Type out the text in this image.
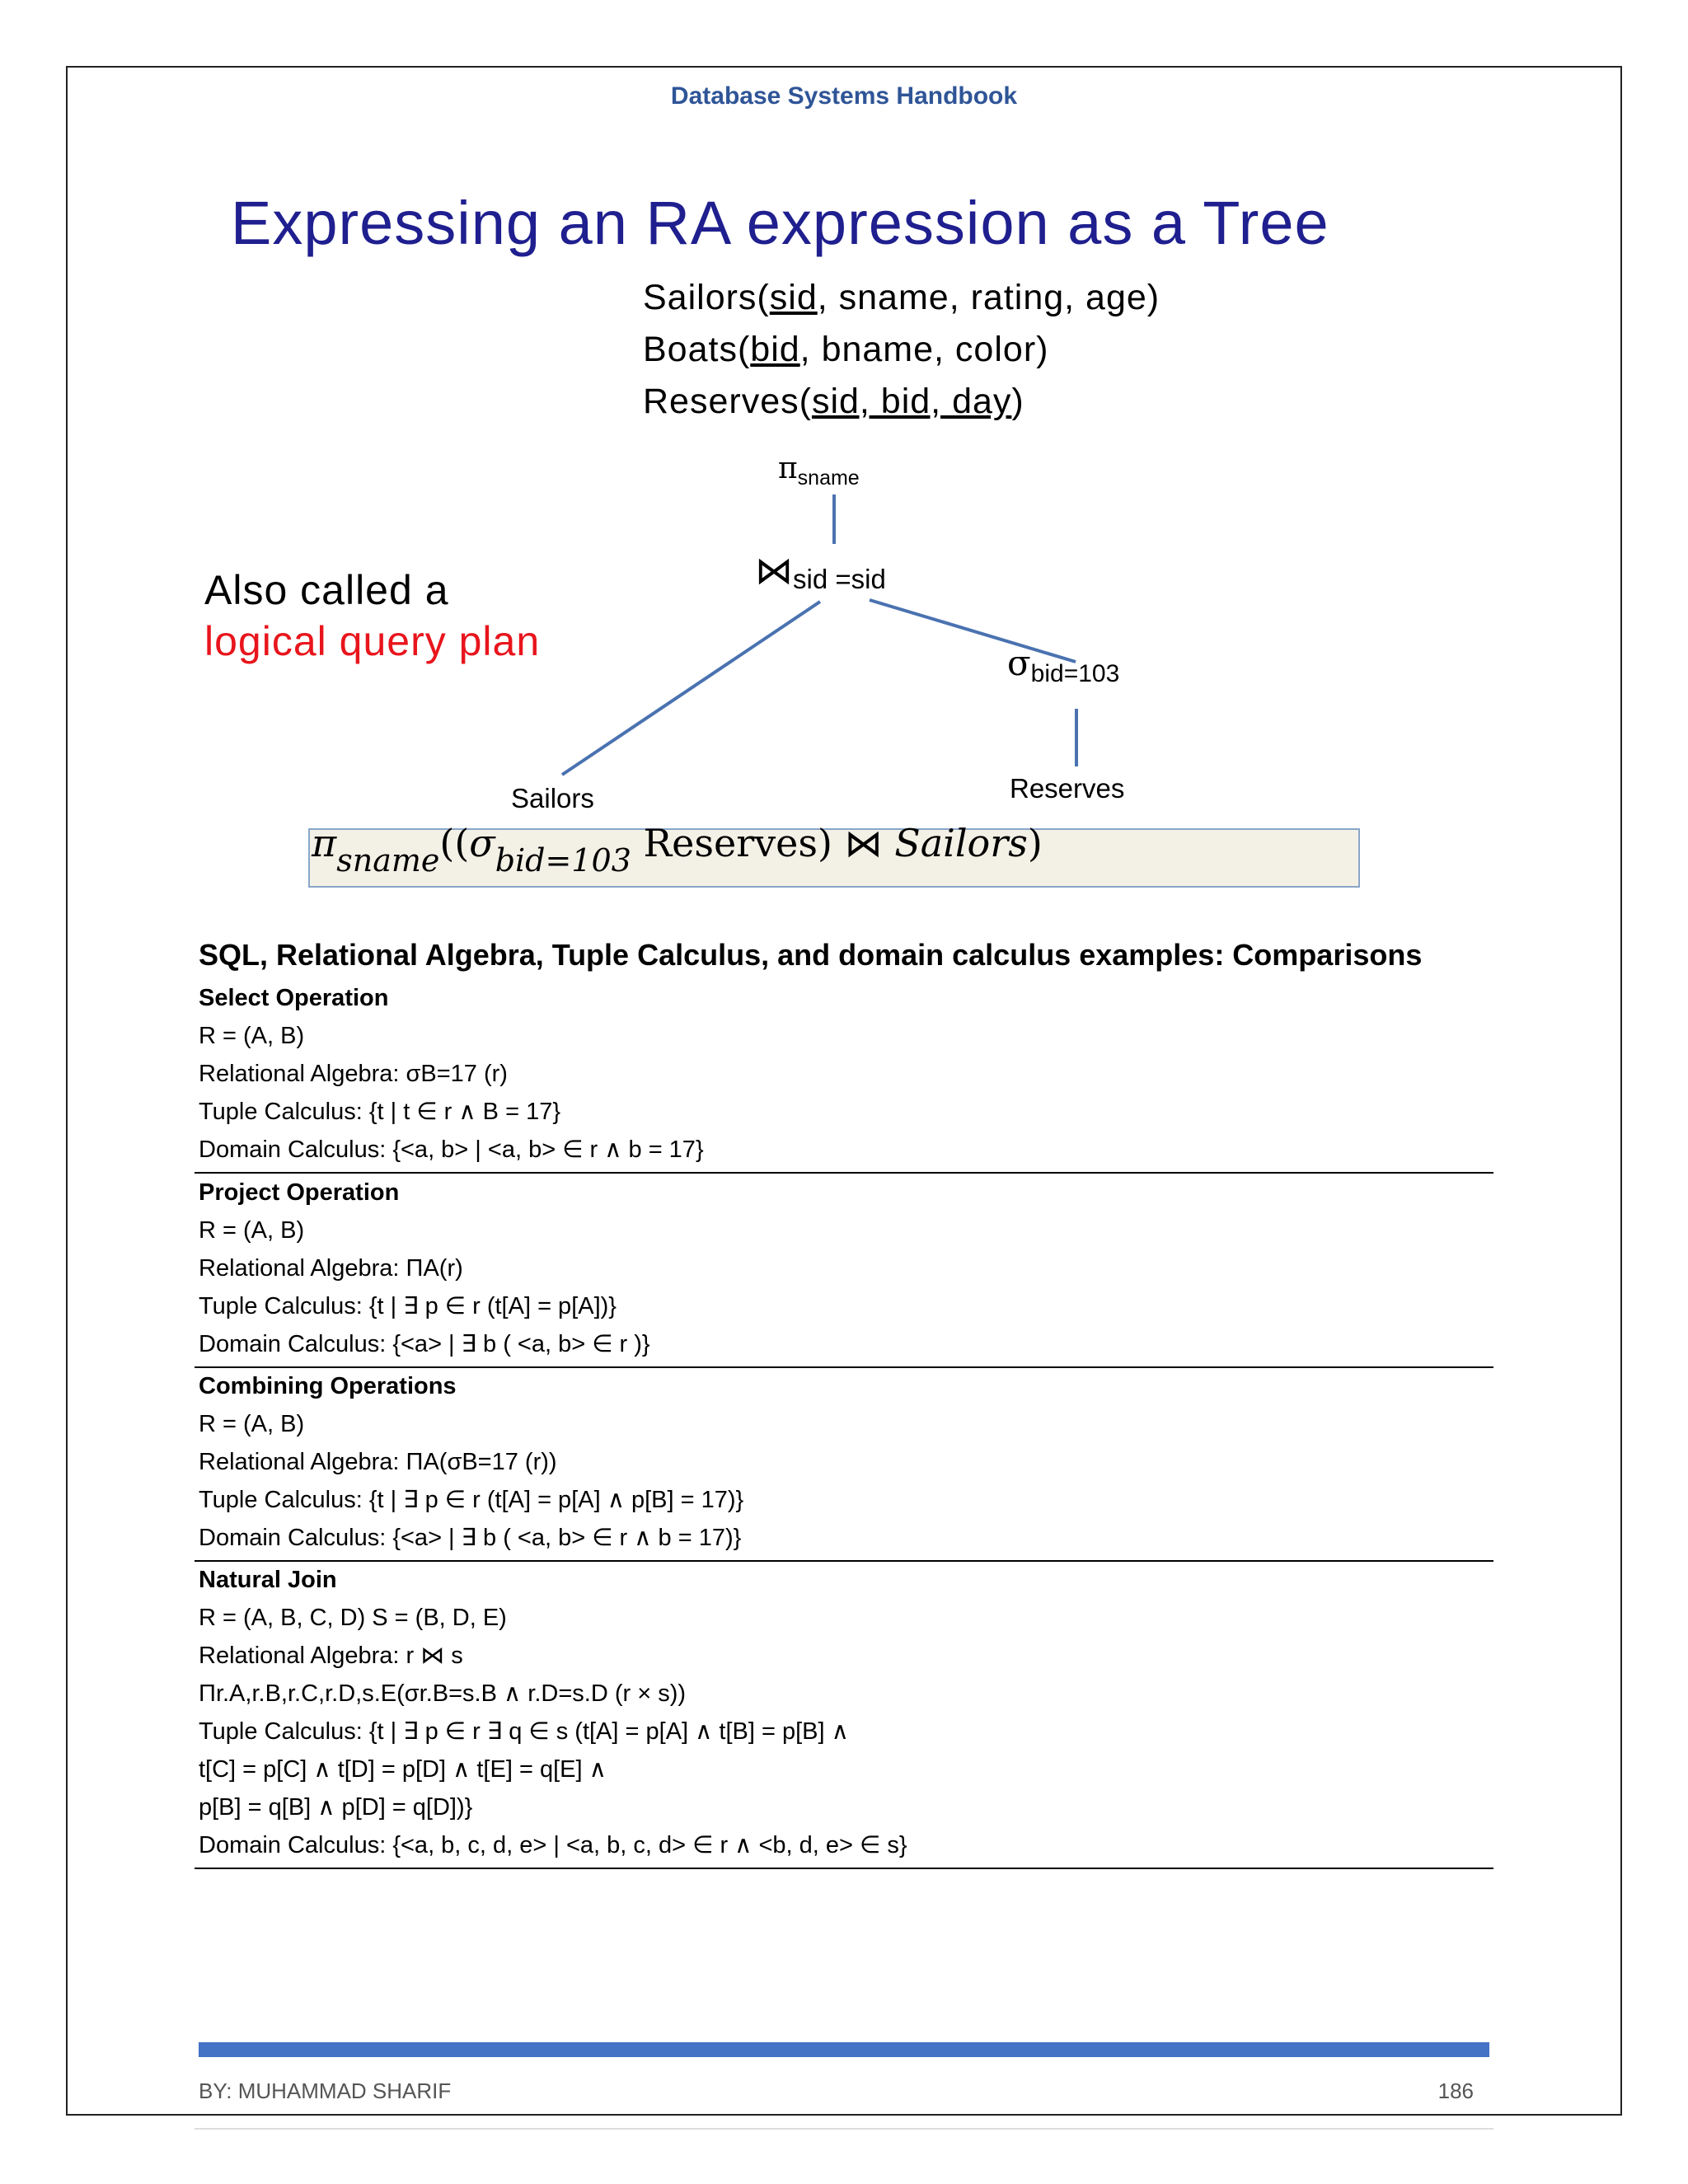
Database Systems Handbook
Expressing an RA expression as a Tree
Sailors(sid, sname, rating, age)
Boats(bid, bname, color)
Reserves(sid, bid, day)
Also called a
logical query plan
$\pi_{sname}$
$⋈_{sid =sid}$
$\sigma_{bid=103}$
Sailors	Reserves
$\pi_{sname}((\sigma_{bid=103}$ Reserves) ⋈ Sailors)
SQL, Relational Algebra, Tuple Calculus, and domain calculus examples: Comparisons
Select Operation
R = (A, B)
Relational Algebra: σB=17 (r)
Tuple Calculus: {t | t ∈ r ∧ B = 17}
Domain Calculus: {<a, b> | <a, b> ∈ r ∧ b = 17}
Project Operation
R = (A, B)
Relational Algebra: ΠA(r)
Tuple Calculus: {t | ∃ p ∈ r (t[A] = p[A])}
Domain Calculus: {<a> | ∃ b ( <a, b> ∈ r )}
Combining Operations
R = (A, B)
Relational Algebra: ΠA(σB=17 (r))
Tuple Calculus: {t | ∃ p ∈ r (t[A] = p[A] ∧ p[B] = 17)}
Domain Calculus: {<a> | ∃ b ( <a, b> ∈ r ∧ b = 17)}
Natural Join
R = (A, B, C, D) S = (B, D, E)
Relational Algebra: r ⋈ s
Πr.A,r.B,r.C,r.D,s.E(σr.B=s.B ∧ r.D=s.D (r × s))
Tuple Calculus: {t | ∃ p ∈ r ∃ q ∈ s (t[A] = p[A] ∧ t[B] = p[B] ∧
t[C] = p[C] ∧ t[D] = p[D] ∧ t[E] = q[E] ∧
p[B] = q[B] ∧ p[D] = q[D])}
Domain Calculus: {<a, b, c, d, e> | <a, b, c, d> ∈ r ∧ <b, d, e> ∈ s}
BY: MUHAMMAD SHARIF	186
